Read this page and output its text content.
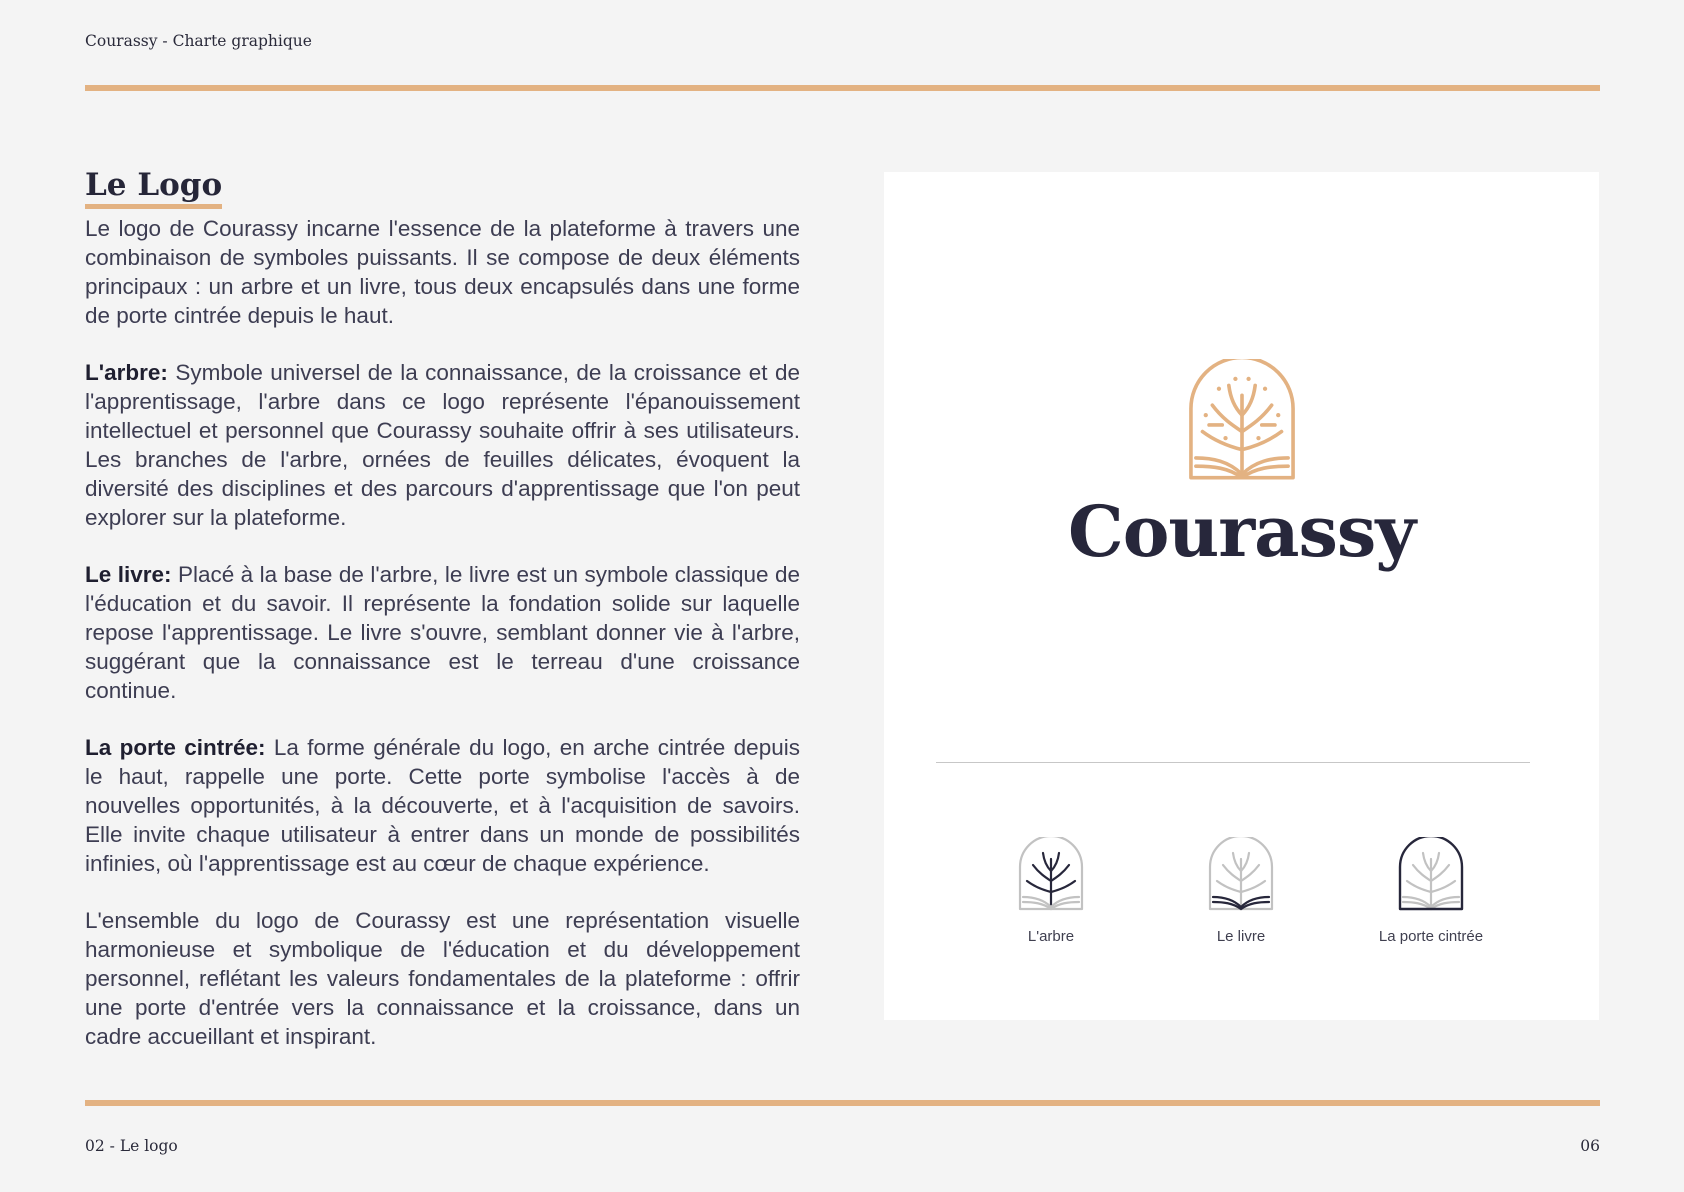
Courassy - Charte graphique
Le Logo

Le logo de Courassy incarne l'essence de la plateforme à travers une combinaison de symboles puissants. Il se compose de deux éléments principaux : un arbre et un livre, tous deux encapsulés dans une forme de porte cintrée depuis le haut.

L'arbre: Symbole universel de la connaissance, de la croissance et de l'apprentissage, l'arbre dans ce logo représente l'épanouissement intellectuel et personnel que Courassy souhaite offrir à ses utilisateurs. Les branches de l'arbre, ornées de feuilles délicates, évoquent la diversité des disciplines et des parcours d'apprentissage que l'on peut explorer sur la plateforme.

Le livre: Placé à la base de l'arbre, le livre est un symbole classique de l'éducation et du savoir. Il représente la fondation solide sur laquelle repose l'apprentissage. Le livre s'ouvre, semblant donner vie à l'arbre, suggérant que la connaissance est le terreau d'une croissance continue.

La porte cintrée: La forme générale du logo, en arche cintrée depuis le haut, rappelle une porte. Cette porte symbolise l'accès à de nouvelles opportunités, à la découverte, et à l'acquisition de savoirs. Elle invite chaque utilisateur à entrer dans un monde de possibilités infinies, où l'apprentissage est au cœur de chaque expérience.

L'ensemble du logo de Courassy est une représentation visuelle harmonieuse et symbolique de l'éducation et du développement personnel, reflétant les valeurs fondamentales de la plateforme : offrir une porte d'entrée vers la connaissance et la croissance, dans un cadre accueillant et inspirant.

Courassy
L'arbre	Le livre	La porte cintrée
02 - Le logo	06
